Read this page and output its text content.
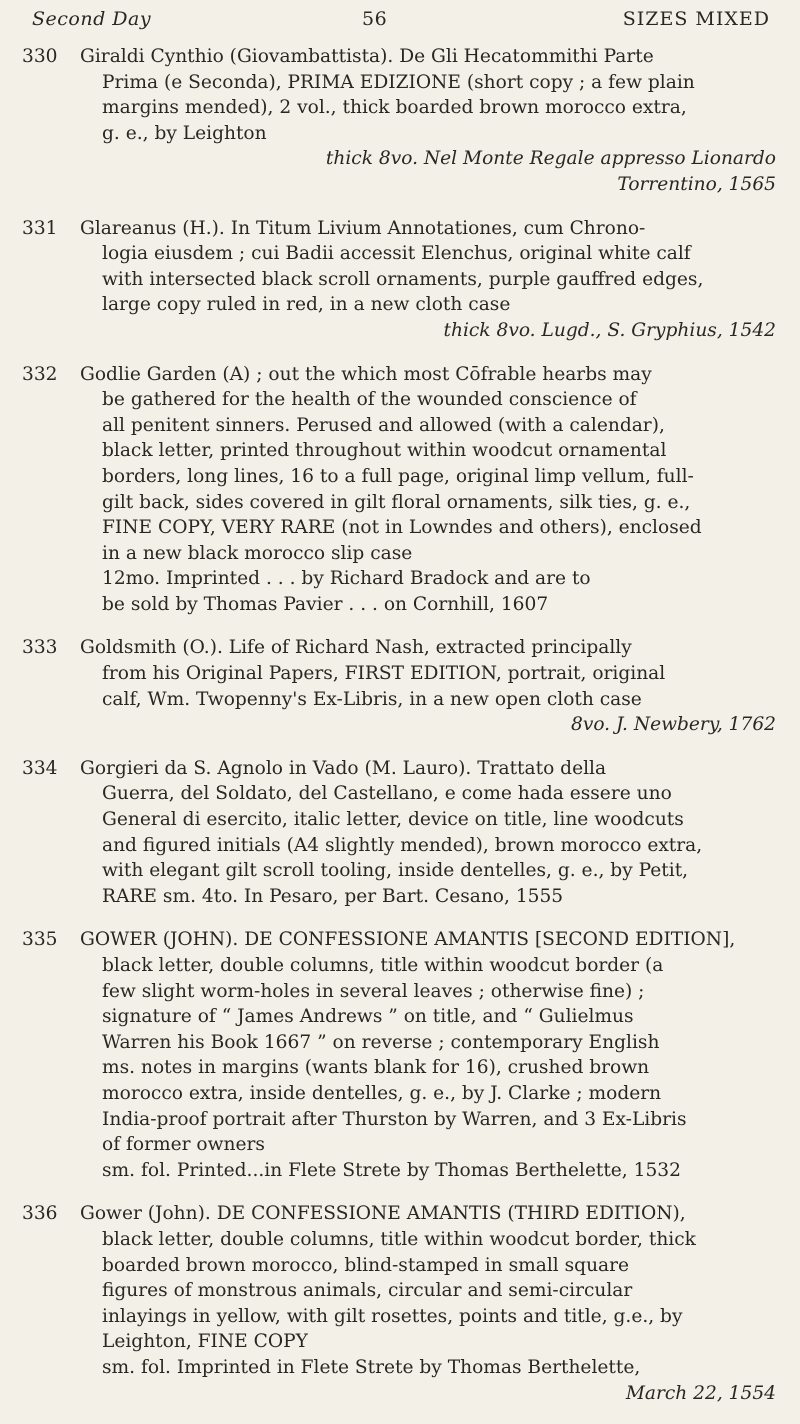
Second Day	56	SIZES MIXED
330	Giraldi Cynthio (Giovambattista). De Gli Hecatommithi Parte
Prima (e Seconda), PRIMA EDIZIONE (short copy ; a few plain
margins mended), 2 vol., thick boarded brown morocco extra,
g. e., by Leighton
thick 8vo. Nel Monte Regale appresso Lionardo
Torrentino, 1565
331	Glareanus (H.). In Titum Livium Annotationes, cum Chrono-
logia eiusdem ; cui Badii accessit Elenchus, original white calf
with intersected black scroll ornaments, purple gauffred edges,
large copy ruled in red, in a new cloth case
thick 8vo. Lugd., S. Gryphius, 1542
332	Godlie Garden (A) ; out the which most Cōfrable hearbs may
be gathered for the health of the wounded conscience of
all penitent sinners. Perused and allowed (with a calendar),
black letter, printed throughout within woodcut ornamental
borders, long lines, 16 to a full page, original limp vellum, full-
gilt back, sides covered in gilt floral ornaments, silk ties, g. e.,
FINE COPY, VERY RARE (not in Lowndes and others), enclosed
in a new black morocco slip case
12mo. Imprinted . . . by Richard Bradock and are to
be sold by Thomas Pavier . . . on Cornhill, 1607
333	Goldsmith (O.). Life of Richard Nash, extracted principally
from his Original Papers, FIRST EDITION, portrait, original
calf, Wm. Twopenny's Ex-Libris, in a new open cloth case
8vo. J. Newbery, 1762
334	Gorgieri da S. Agnolo in Vado (M. Lauro). Trattato della
Guerra, del Soldato, del Castellano, e come hada essere uno
General di esercito, italic letter, device on title, line woodcuts
and figured initials (A4 slightly mended), brown morocco extra,
with elegant gilt scroll tooling, inside dentelles, g. e., by Petit,
RARE sm. 4to. In Pesaro, per Bart. Cesano, 1555
335	GOWER (JOHN). DE CONFESSIONE AMANTIS [SECOND EDITION],
black letter, double columns, title within woodcut border (a
few slight worm-holes in several leaves ; otherwise fine) ;
signature of “ James Andrews ” on title, and “ Gulielmus
Warren his Book 1667 ” on reverse ; contemporary English
ms. notes in margins (wants blank for 16), crushed brown
morocco extra, inside dentelles, g. e., by J. Clarke ; modern
India-proof portrait after Thurston by Warren, and 3 Ex-Libris
of former owners
sm. fol. Printed...in Flete Strete by Thomas Berthelette, 1532
336	Gower (John). DE CONFESSIONE AMANTIS (THIRD EDITION),
black letter, double columns, title within woodcut border, thick
boarded brown morocco, blind-stamped in small square
figures of monstrous animals, circular and semi-circular
inlayings in yellow, with gilt rosettes, points and title, g.e., by
Leighton, FINE COPY
sm. fol. Imprinted in Flete Strete by Thomas Berthelette,
March 22, 1554
